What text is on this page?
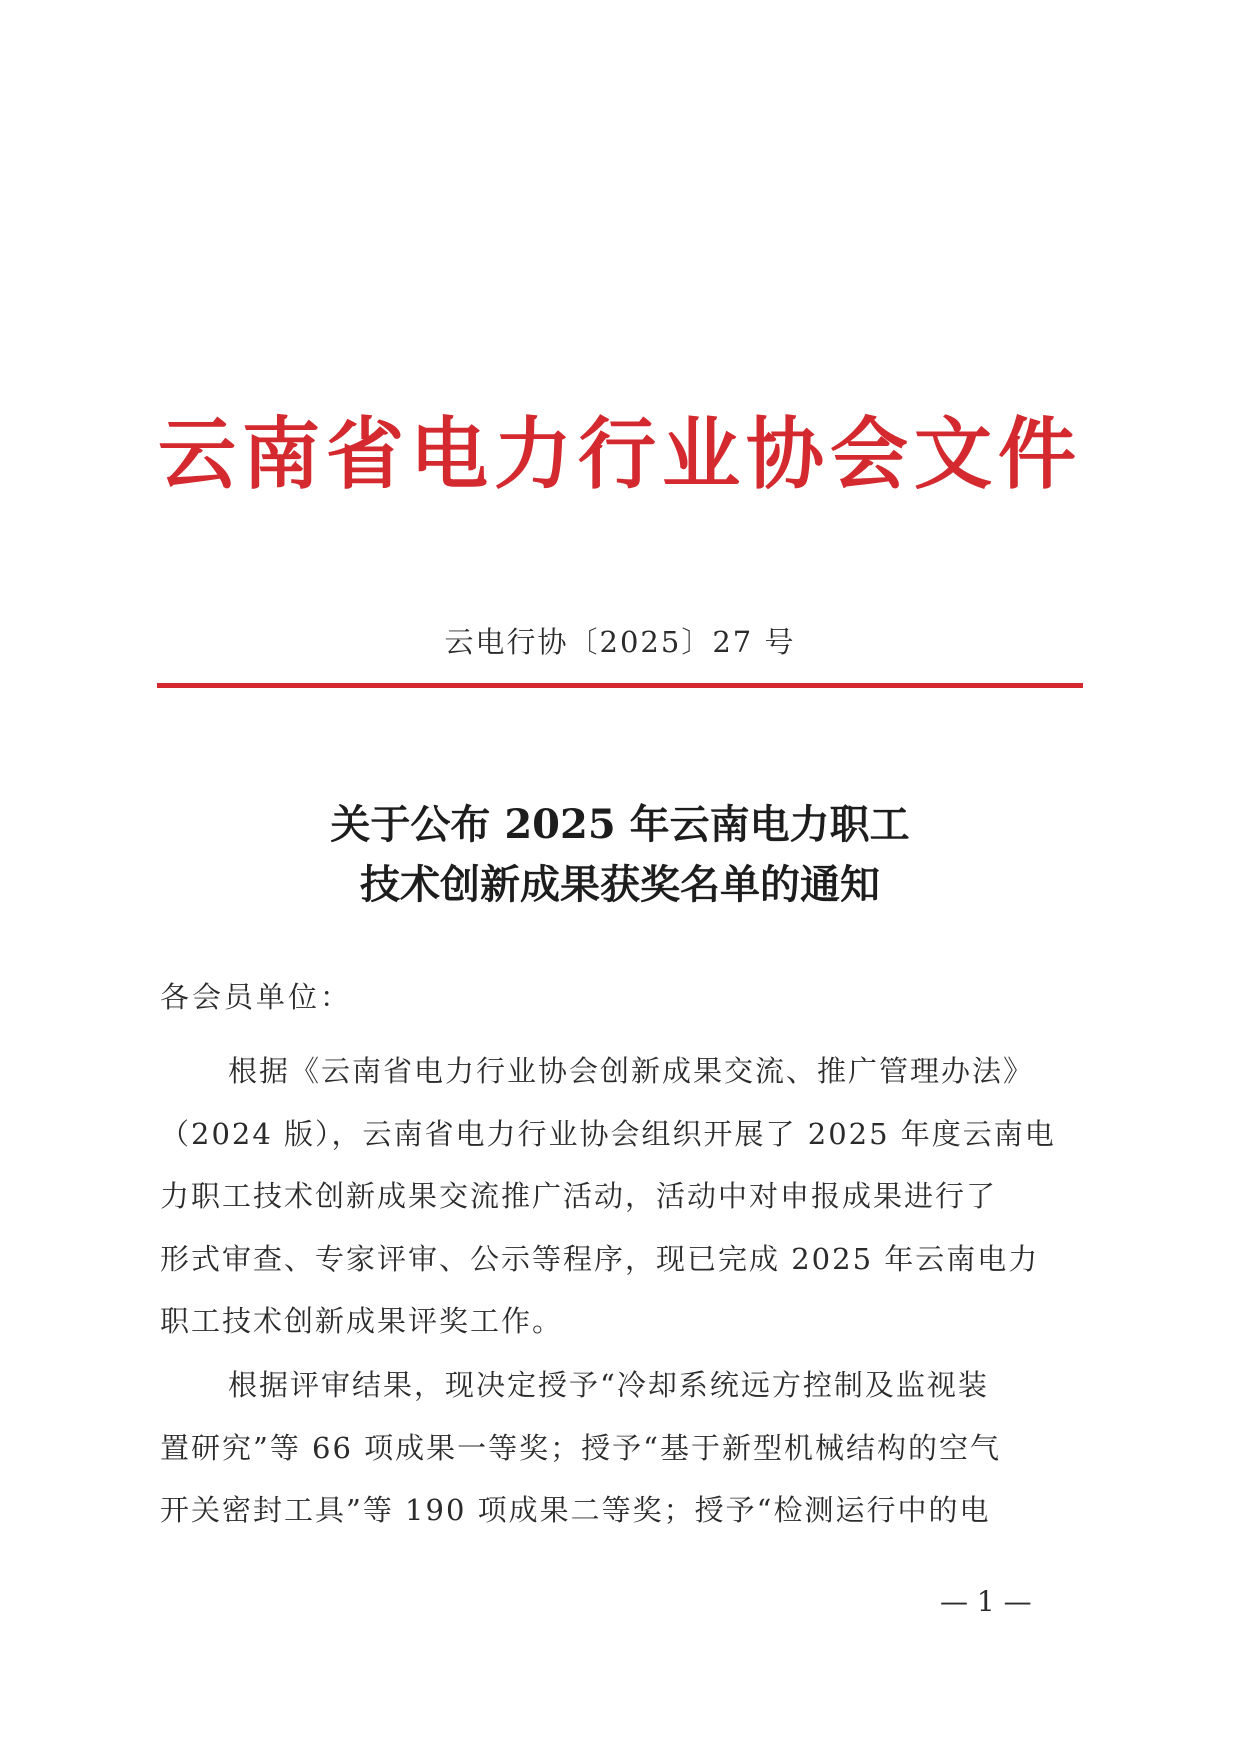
云南省电力行业协会文件
云电行协〔2025〕27 号
关于公布 2025 年云南电力职工
技术创新成果获奖名单的通知
各会员单位：
根据《云南省电力行业协会创新成果交流、推广管理办法》
（2024 版），云南省电力行业协会组织开展了 2025 年度云南电
力职工技术创新成果交流推广活动，活动中对申报成果进行了
形式审查、专家评审、公示等程序，现已完成 2025 年云南电力
职工技术创新成果评奖工作。
根据评审结果，现决定授予“冷却系统远方控制及监视装
置研究”等 66 项成果一等奖；授予“基于新型机械结构的空气
开关密封工具”等 190 项成果二等奖；授予“检测运行中的电
— 1 —
